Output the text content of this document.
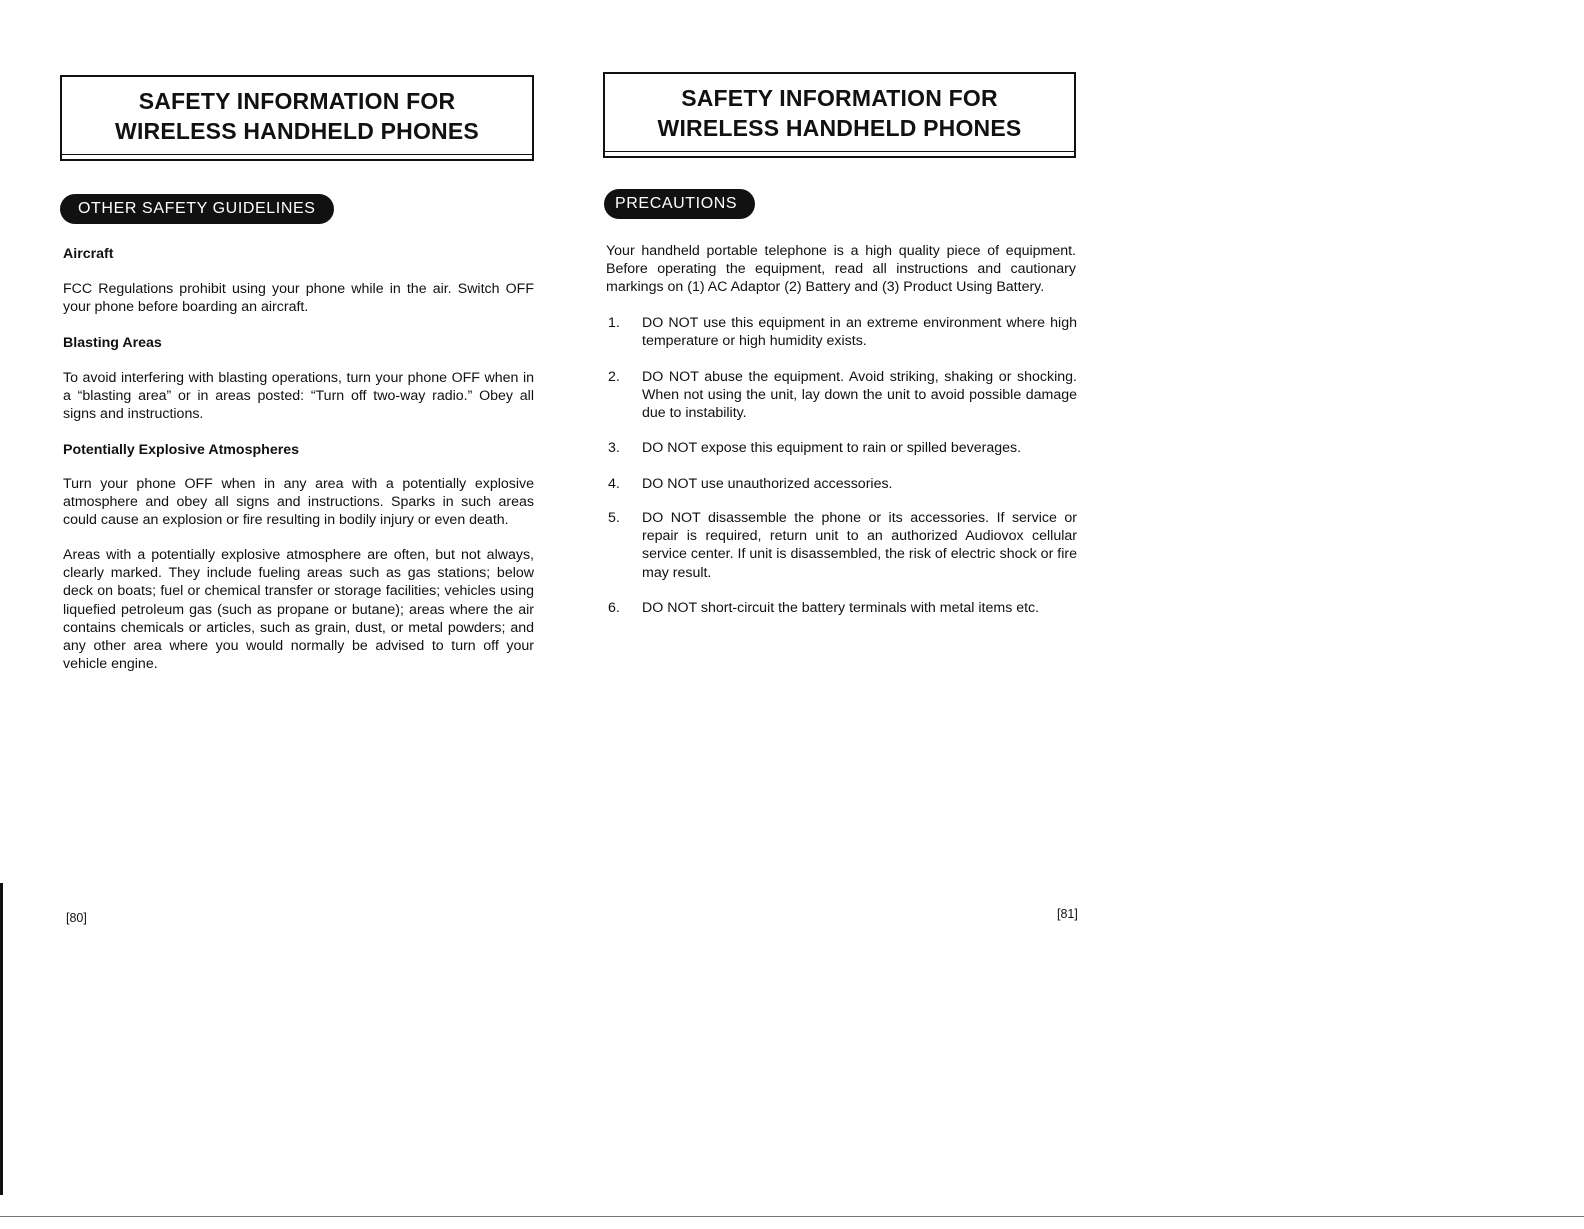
SAFETY INFORMATION FOR
WIRELESS HANDHELD PHONES
OTHER SAFETY GUIDELINES
Aircraft
FCC Regulations prohibit using your phone while in the air. Switch OFF your phone before boarding an aircraft.
Blasting Areas
To avoid interfering with blasting operations, turn your phone OFF when in a “blasting area” or in areas posted: “Turn off two-way radio.” Obey all signs and instructions.
Potentially Explosive Atmospheres
Turn your phone OFF when in any area with a potentially explosive atmosphere and obey all signs and instructions. Sparks in such areas could cause an explosion or fire resulting in bodily injury or even death.
Areas with a potentially explosive atmosphere are often, but not always, clearly marked. They include fueling areas such as gas stations; below deck on boats; fuel or chemical transfer or storage facilities; vehicles using liquefied petroleum gas (such as propane or butane); areas where the air contains chemicals or articles, such as grain, dust, or metal powders; and any other area where you would normally be advised to turn off your vehicle engine.
[80]
SAFETY INFORMATION FOR
WIRELESS HANDHELD PHONES
PRECAUTIONS
Your handheld portable telephone is a high quality piece of equipment. Before operating the equipment, read all instructions and cautionary markings on (1) AC Adaptor (2) Battery and (3) Product Using Battery.
1.	DO NOT use this equipment in an extreme environment where high temperature or high humidity exists.
2.	DO NOT abuse the equipment. Avoid striking, shaking or shocking. When not using the unit, lay down the unit to avoid possible damage due to instability.
3.	DO NOT expose this equipment to rain or spilled beverages.
4.	DO NOT use unauthorized accessories.
5.	DO NOT disassemble the phone or its accessories. If service or repair is required, return unit to an authorized Audiovox cellular service center. If unit is disassembled, the risk of electric shock or fire may result.
6.	DO NOT short-circuit the battery terminals with metal items etc.
[81]
